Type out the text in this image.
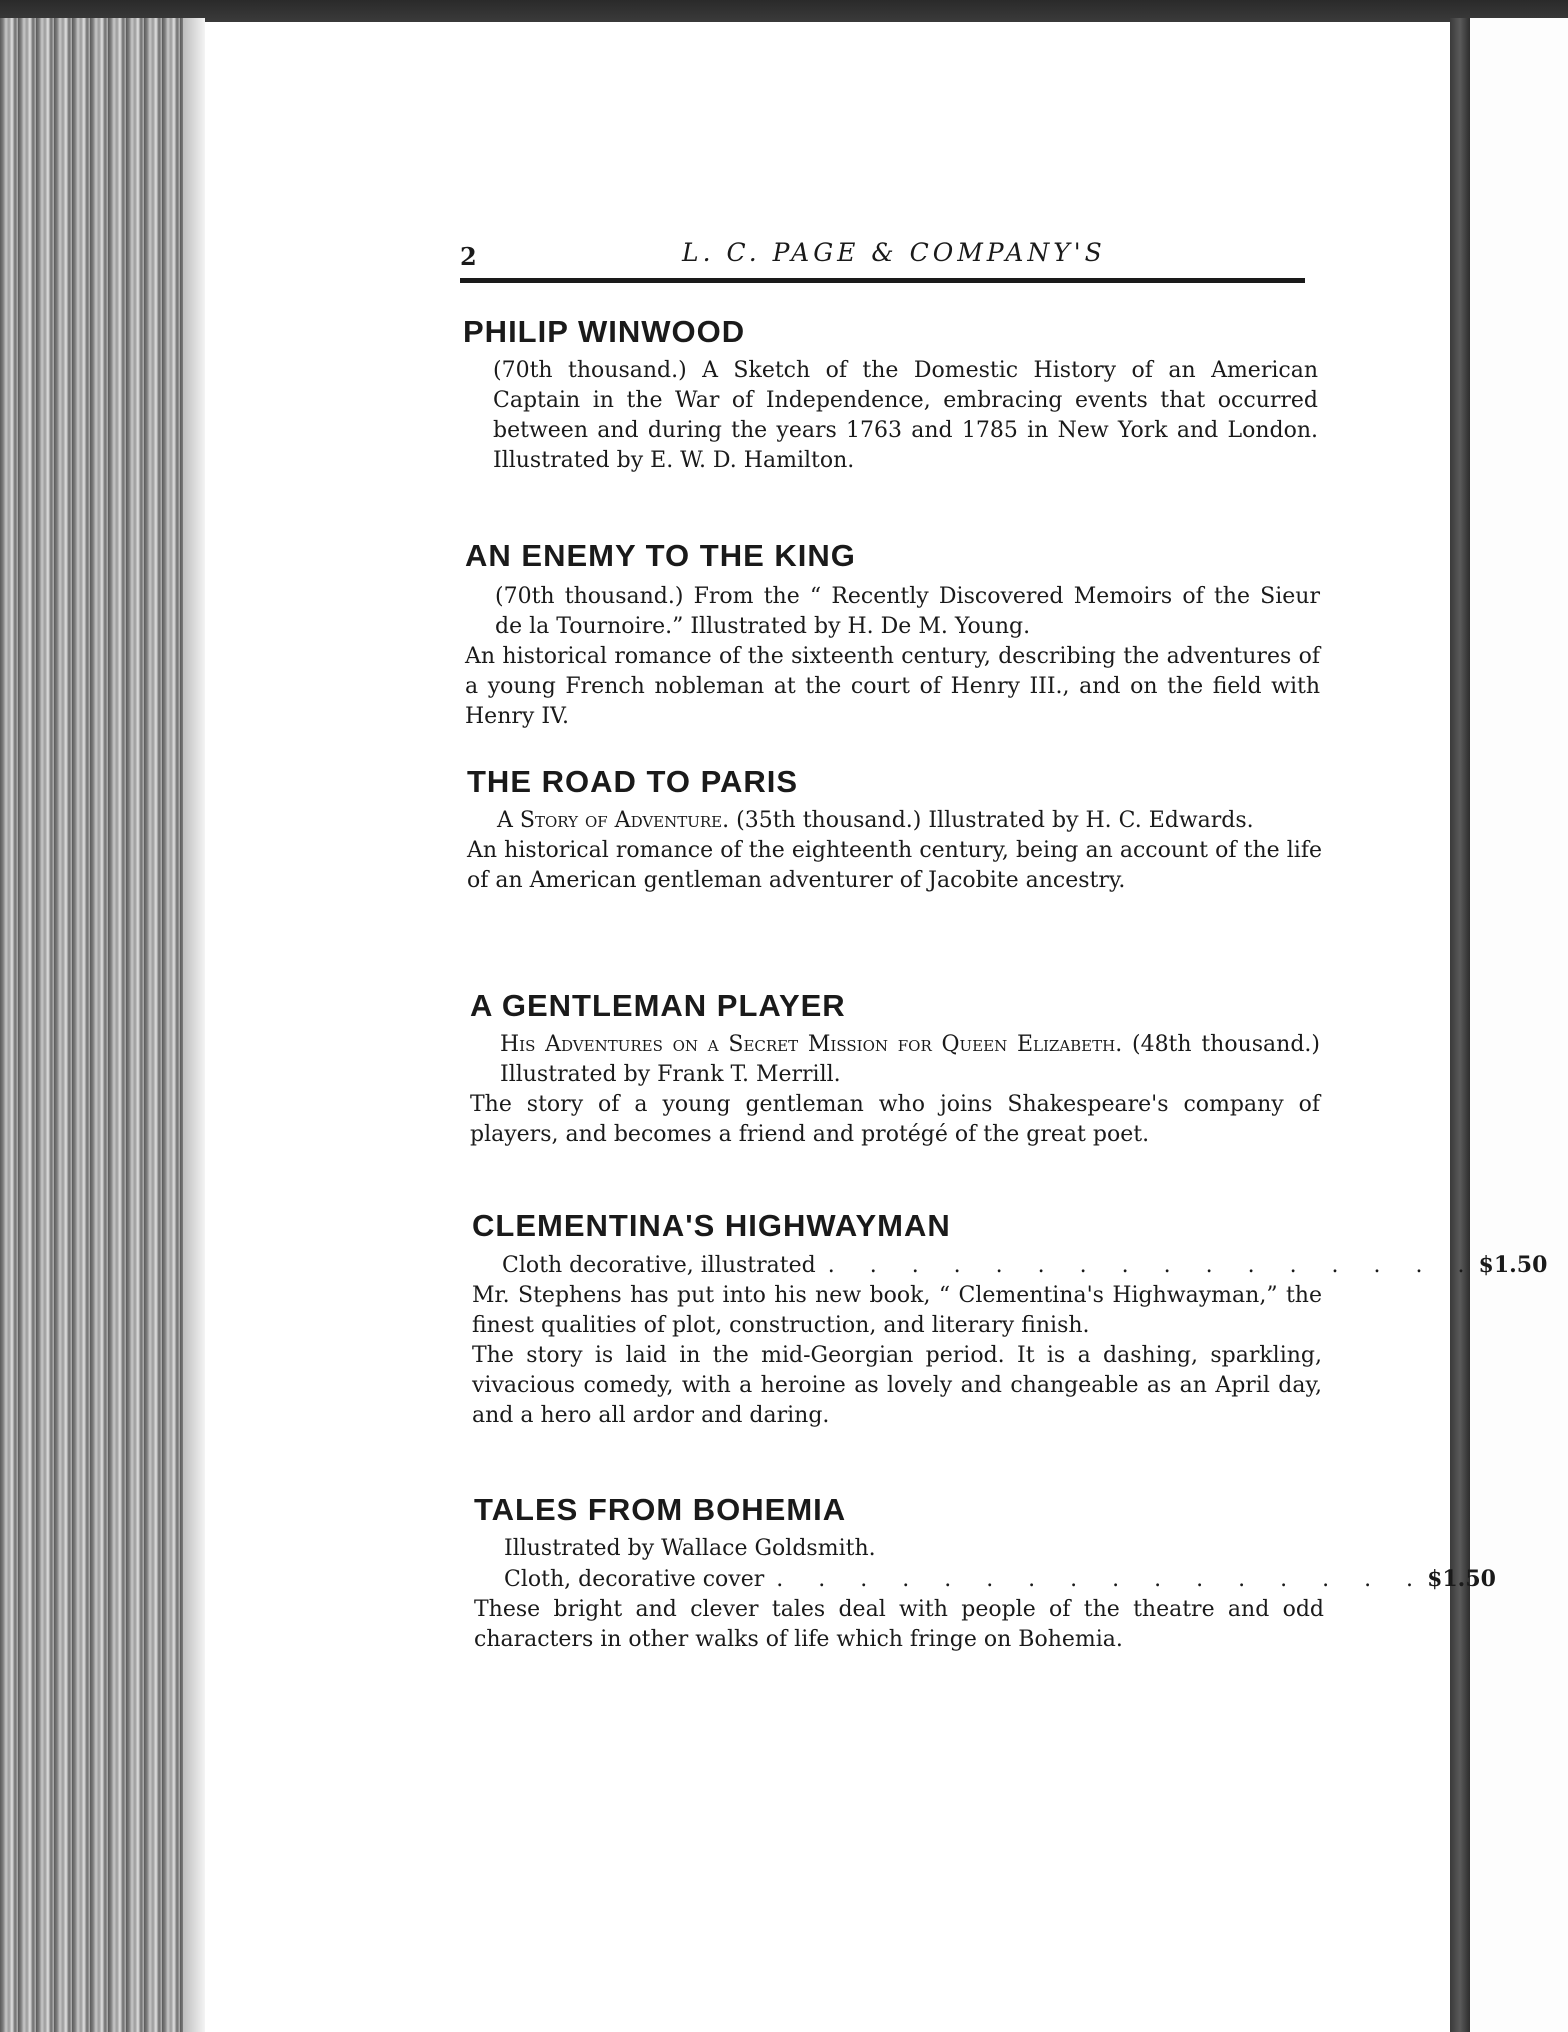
2	L. C. PAGE & COMPANY'S
PHILIP WINWOOD

(70th thousand.) A Sketch of the Domestic History of an American Captain in the War of Independence, embracing events that occurred between and during the years 1763 and 1785 in New York and London. Illustrated by E. W. D. Hamilton.

AN ENEMY TO THE KING

(70th thousand.) From the “ Recently Discovered Memoirs of the Sieur de la Tournoire.” Illustrated by H. De M. Young.

An historical romance of the sixteenth century, describing the adventures of a young French nobleman at the court of Henry III., and on the field with Henry IV.

THE ROAD TO PARIS

A Story of Adventure. (35th thousand.) Illustrated by H. C. Edwards.

An historical romance of the eighteenth century, being an account of the life of an American gentleman adventurer of Jacobite ancestry.

A GENTLEMAN PLAYER

His Adventures on a Secret Mission for Queen Elizabeth. (48th thousand.) Illustrated by Frank T. Merrill.

The story of a young gentleman who joins Shakespeare's company of players, and becomes a friend and protégé of the great poet.

CLEMENTINA'S HIGHWAYMAN
Cloth decorative, illustrated . . . . . . . . . . . . . . . . $1.50

Mr. Stephens has put into his new book, “ Clementina's Highwayman,” the finest qualities of plot, construction, and literary finish.

The story is laid in the mid-Georgian period. It is a dashing, sparkling, vivacious comedy, with a heroine as lovely and changeable as an April day, and a hero all ardor and daring.

TALES FROM BOHEMIA

Illustrated by Wallace Goldsmith.

Cloth, decorative cover . . . . . . . . . . . . . . . . $1.50

These bright and clever tales deal with people of the theatre and odd characters in other walks of life which fringe on Bohemia.
